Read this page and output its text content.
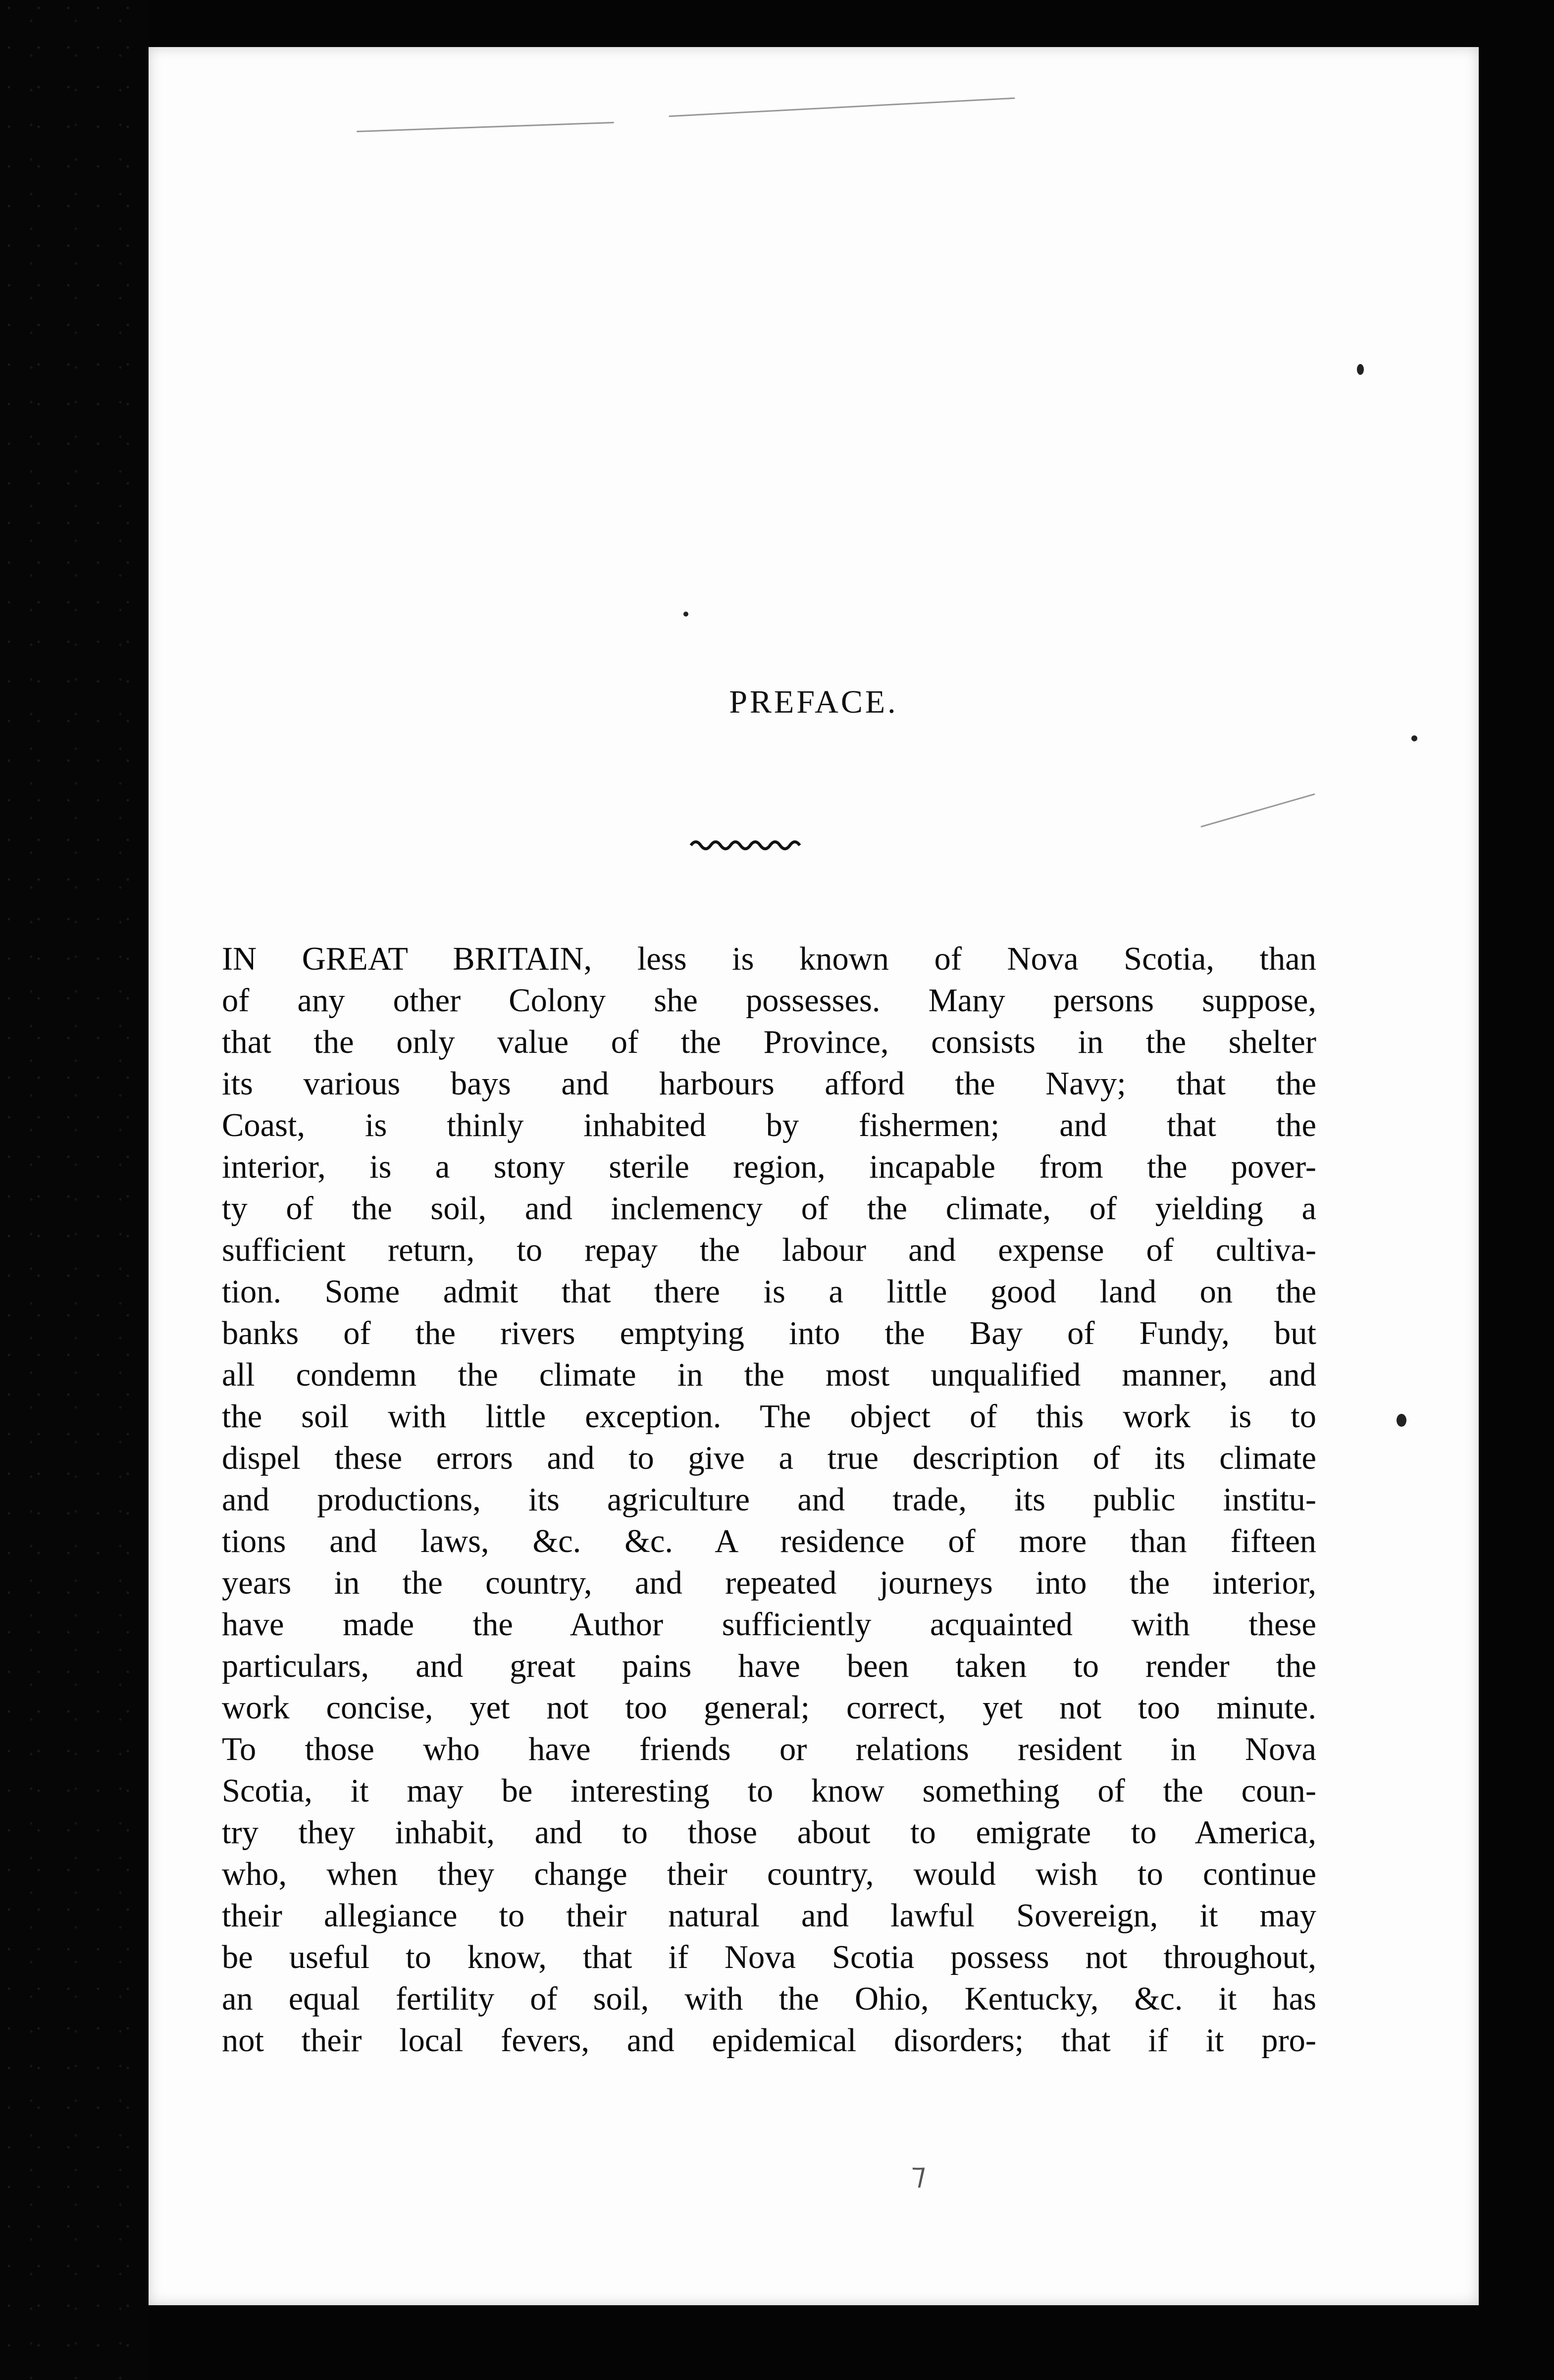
PREFACE.
IN GREAT BRITAIN, less is known of Nova Scotia, than
of any other Colony she possesses. Many persons suppose,
that the only value of the Province, consists in the shelter
its various bays and harbours afford the Navy; that the
Coast, is thinly inhabited by fishermen; and that the
interior, is a stony sterile region, incapable from the pover-
ty of the soil, and inclemency of the climate, of yielding a
sufficient return, to repay the labour and expense of cultiva-
tion. Some admit that there is a little good land on the
banks of the rivers emptying into the Bay of Fundy, but
all condemn the climate in the most unqualified manner, and
the soil with little exception. The object of this work is to
dispel these errors and to give a true description of its climate
and productions, its agriculture and trade, its public institu-
tions and laws, &c. &c. A residence of more than fifteen
years in the country, and repeated journeys into the interior,
have made the Author sufficiently acquainted with these
particulars, and great pains have been taken to render the
work concise, yet not too general; correct, yet not too minute.
To those who have friends or relations resident in Nova
Scotia, it may be interesting to know something of the coun-
try they inhabit, and to those about to emigrate to America,
who, when they change their country, would wish to continue
their allegiance to their natural and lawful Sovereign, it may
be useful to know, that if Nova Scotia possess not throughout,
an equal fertility of soil, with the Ohio, Kentucky, &c. it has
not their local fevers, and epidemical disorders; that if it pro-
⁊
